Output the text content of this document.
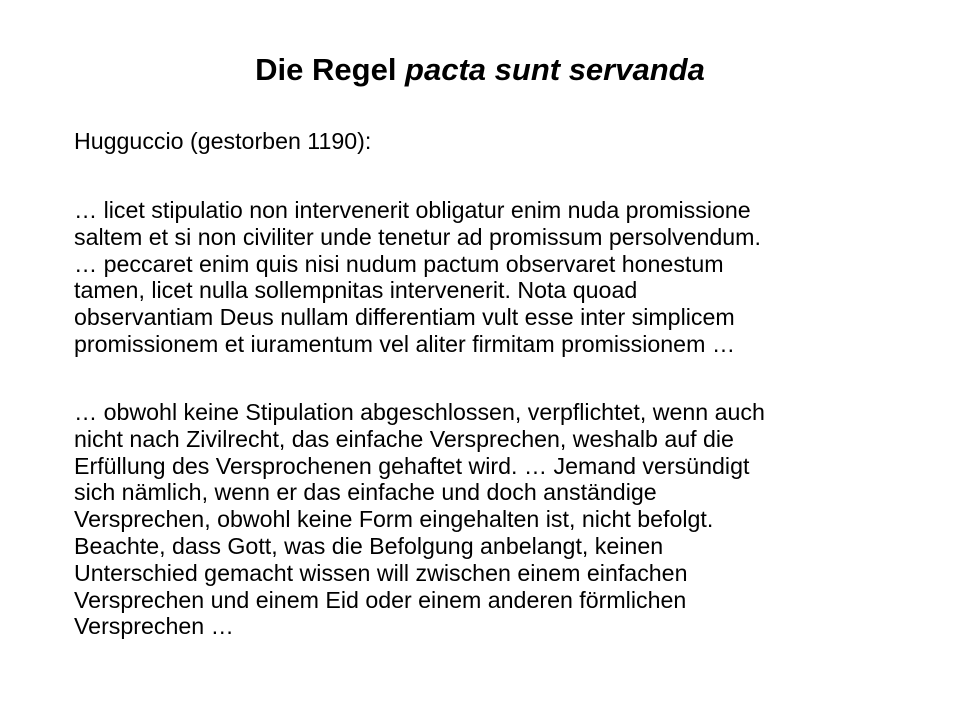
Die Regel pacta sunt servanda
Hugguccio (gestorben 1190):
… licet stipulatio non intervenerit obligatur enim nuda promissione
saltem et si non civiliter unde tenetur ad promissum persolvendum.
… peccaret enim quis nisi nudum pactum observaret honestum
tamen, licet nulla sollempnitas intervenerit. Nota quoad
observantiam Deus nullam differentiam vult esse inter simplicem
promissionem et iuramentum vel aliter firmitam promissionem …
… obwohl keine Stipulation abgeschlossen, verpflichtet, wenn auch
nicht nach Zivilrecht, das einfache Versprechen, weshalb auf die
Erfüllung des Versprochenen gehaftet wird. … Jemand versündigt
sich nämlich, wenn er das einfache und doch anständige
Versprechen, obwohl keine Form eingehalten ist, nicht befolgt.
Beachte, dass Gott, was die Befolgung anbelangt, keinen
Unterschied gemacht wissen will zwischen einem einfachen
Versprechen und einem Eid oder einem anderen förmlichen
Versprechen …
